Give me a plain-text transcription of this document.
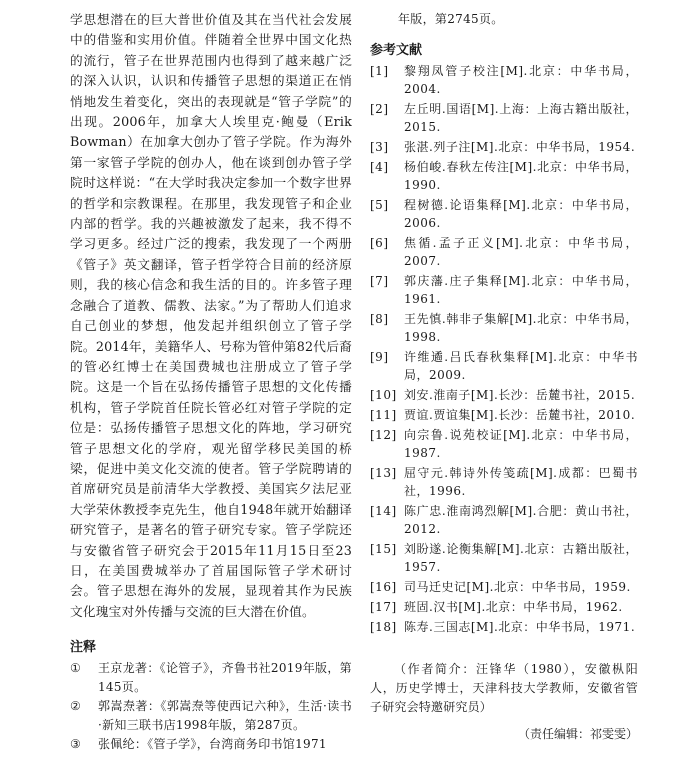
学思想潜在的巨大普世价值及其在当代社会发展中的借鉴和实用价值。伴随着全世界中国文化热的流行，管子在世界范围内也得到了越来越广泛的深入认识，认识和传播管子思想的渠道正在悄悄地发生着变化，突出的表现就是“管子学院”的出现。2006年，加拿大人埃里克·鲍曼（Erik Bowman）在加拿大创办了管子学院。作为海外第一家管子学院的创办人，他在谈到创办管子学院时这样说：“在大学时我决定参加一个数字世界的哲学和宗教课程。在那里，我发现管子和企业内部的哲学。我的兴趣被激发了起来，我不得不学习更多。经过广泛的搜索，我发现了一个两册《管子》英文翻译，管子哲学符合目前的经济原则，我的核心信念和我生活的目的。许多管子理念融合了道教、儒教、法家。”为了帮助人们追求自己创业的梦想，他发起并组织创立了管子学院。2014年，美籍华人、号称为管仲第82代后裔的管必红博士在美国费城也注册成立了管子学院。这是一个旨在弘扬传播管子思想的文化传播机构，管子学院首任院长管必红对管子学院的定位是：弘扬传播管子思想文化的阵地，学习研究管子思想文化的学府，观光留学移民美国的桥梁，促进中美文化交流的使者。管子学院聘请的首席研究员是前清华大学教授、美国宾夕法尼亚大学荣休教授李克先生，他自1948年就开始翻译研究管子，是著名的管子研究专家。管子学院还与安徽省管子研究会于2015年11月15日至23日，在美国费城举办了首届国际管子学术研讨会。管子思想在海外的发展，显现着其作为民族文化瑰宝对外传播与交流的巨大潜在价值。

注释

① 王京龙著：《论管子》，齐鲁书社2019年版，第145页。

② 郭嵩焘著：《郭嵩焘等使西记六种》，生活·读书·新知三联书店1998年版，第287页。

③ 张佩纶：《管子学》，台湾商务印书馆1971

年版，第2745页。

参考文献

[1] 黎翔凤管子校注[M].北京：中华书局，2004.

[2] 左丘明.国语[M].上海：上海古籍出版社，2015.

[3] 张湛.列子注[M].北京：中华书局，1954.

[4] 杨伯峻.春秋左传注[M].北京：中华书局，1990.

[5] 程树德.论语集释[M].北京：中华书局，2006.

[6] 焦循.孟子正义[M].北京：中华书局，2007.

[7] 郭庆藩.庄子集释[M].北京：中华书局，1961.

[8] 王先慎.韩非子集解[M].北京：中华书局，1998.

[9] 许维遹.吕氏春秋集释[M].北京：中华书局，2009.

[10] 刘安.淮南子[M].长沙：岳麓书社，2015.

[11] 贾谊.贾谊集[M].长沙：岳麓书社，2010.

[12] 向宗鲁.说苑校证[M].北京：中华书局，1987.

[13] 屈守元.韩诗外传笺疏[M].成都：巴蜀书社，1996.

[14] 陈广忠.淮南鸿烈解[M].合肥：黄山书社，2012.

[15] 刘盼遂.论衡集解[M].北京：古籍出版社，1957.

[16] 司马迁史记[M].北京：中华书局，1959.

[17] 班固.汉书[M].北京：中华书局，1962.

[18] 陈寿.三国志[M].北京：中华书局，1971.

（作者简介：汪锋华（1980），安徽枞阳人，历史学博士，天津科技大学教师，安徽省管子研究会特邀研究员）

（责任编辑：祁雯雯）
